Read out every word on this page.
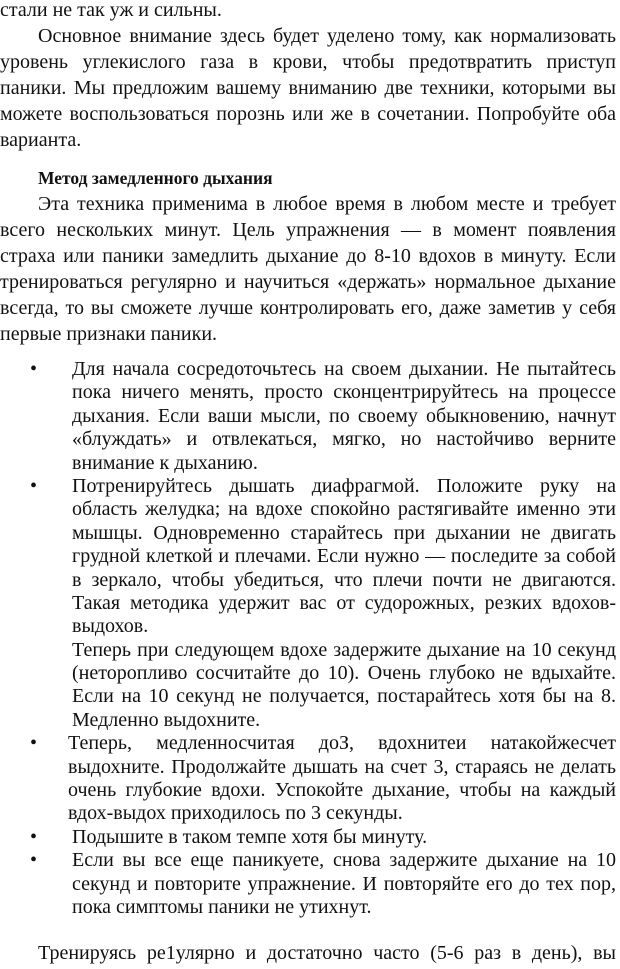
стали не так уж и сильны.
Основное внимание здесь будет уделено тому, как нормализовать
уровень углекислого газа в крови, чтобы предотвратить приступ
паники. Мы предложим вашему вниманию две техники, которыми вы
можете воспользоваться порознь или же в сочетании. Попробуйте оба
варианта.
Метод замедленного дыхания
Эта техника применима в любое время в любом месте и требует
всего нескольких минут. Цель упражнения — в момент появления
страха или паники замедлить дыхание до 8-10 вдохов в минуту. Если
тренироваться регулярно и научиться «держать» нормальное дыхание
всегда, то вы сможете лучше контролировать его, даже заметив у себя
первые признаки паники.
• Для начала сосредоточьтесь на своем дыхании. Не пытайтесь
пока ничего менять, просто сконцентрируйтесь на процессе
дыхания. Если ваши мысли, по своему обыкновению, начнут
«блуждать» и отвлекаться, мягко, но настойчиво верните
внимание к дыханию.
• Потренируйтесь дышать диафрагмой. Положите руку на
область желудка; на вдохе спокойно растягивайте именно эти
мышцы. Одновременно старайтесь при дыхании не двигать
грудной клеткой и плечами. Если нужно — последите за собой
в зеркало, чтобы убедиться, что плечи почти не двигаются.
Такая методика удержит вас от судорожных, резких вдохов-
выдохов.
Теперь при следующем вдохе задержите дыхание на 10 секунд
(неторопливо сосчитайте до 10). Очень глубоко не вдыхайте.
Если на 10 секунд не получается, постарайтесь хотя бы на 8.
Медленно выдохните.
• Теперь, медленносчитая доЗ, вдохнитеи натакойжесчет
выдохните. Продолжайте дышать на счет 3, стараясь не делать
очень глубокие вдохи. Успокойте дыхание, чтобы на каждый
вдох-выдох приходилось по 3 секунды.
• Подышите в таком темпе хотя бы минуту.
• Если вы все еще паникуете, снова задержите дыхание на 10
секунд и повторите упражнение. И повторяйте его до тех пор,
пока симптомы паники не утихнут.
Тренируясь ре1улярно и достаточно часто (5-6 раз в день), вы
